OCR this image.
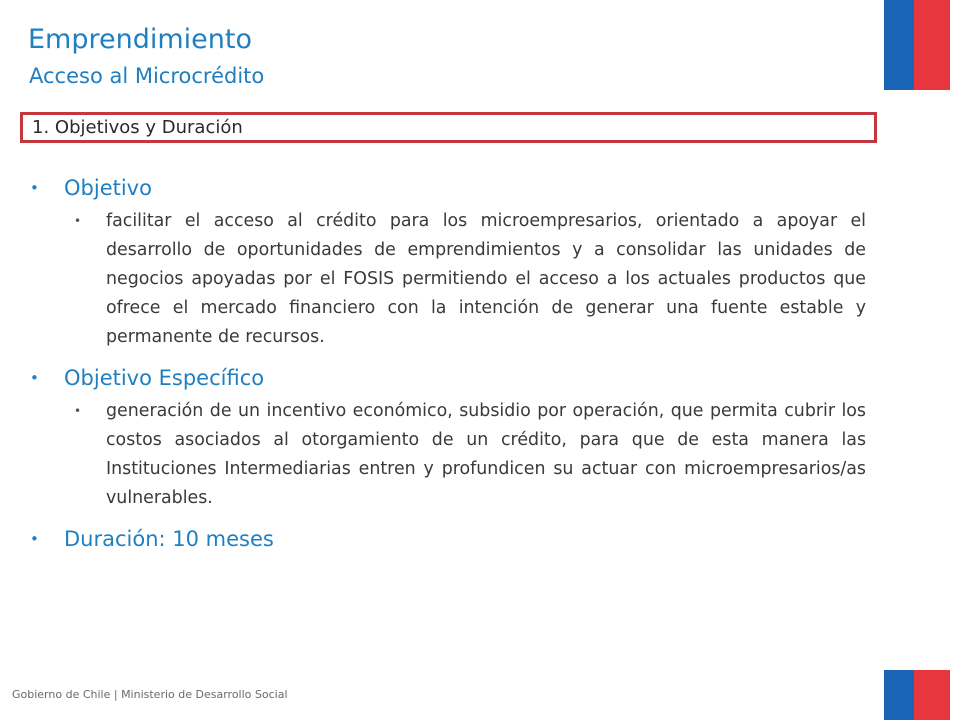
Emprendimiento
Acceso al Microcrédito
1. Objetivos y Duración
• Objetivo
• facilitar el acceso al crédito para los microempresarios, orientado a apoyar el desarrollo de oportunidades de emprendimientos y a consolidar las unidades de negocios apoyadas por el FOSIS permitiendo el acceso a los actuales productos que ofrece el mercado financiero con la intención de generar una fuente estable y permanente de recursos.
• Objetivo Específico
• generación de un incentivo económico, subsidio por operación, que permita cubrir los costos asociados al otorgamiento de un crédito, para que de esta manera las Instituciones Intermediarias entren y profundicen su actuar con microempresarios/as vulnerables.
• Duración: 10 meses
Gobierno de Chile | Ministerio de Desarrollo Social
